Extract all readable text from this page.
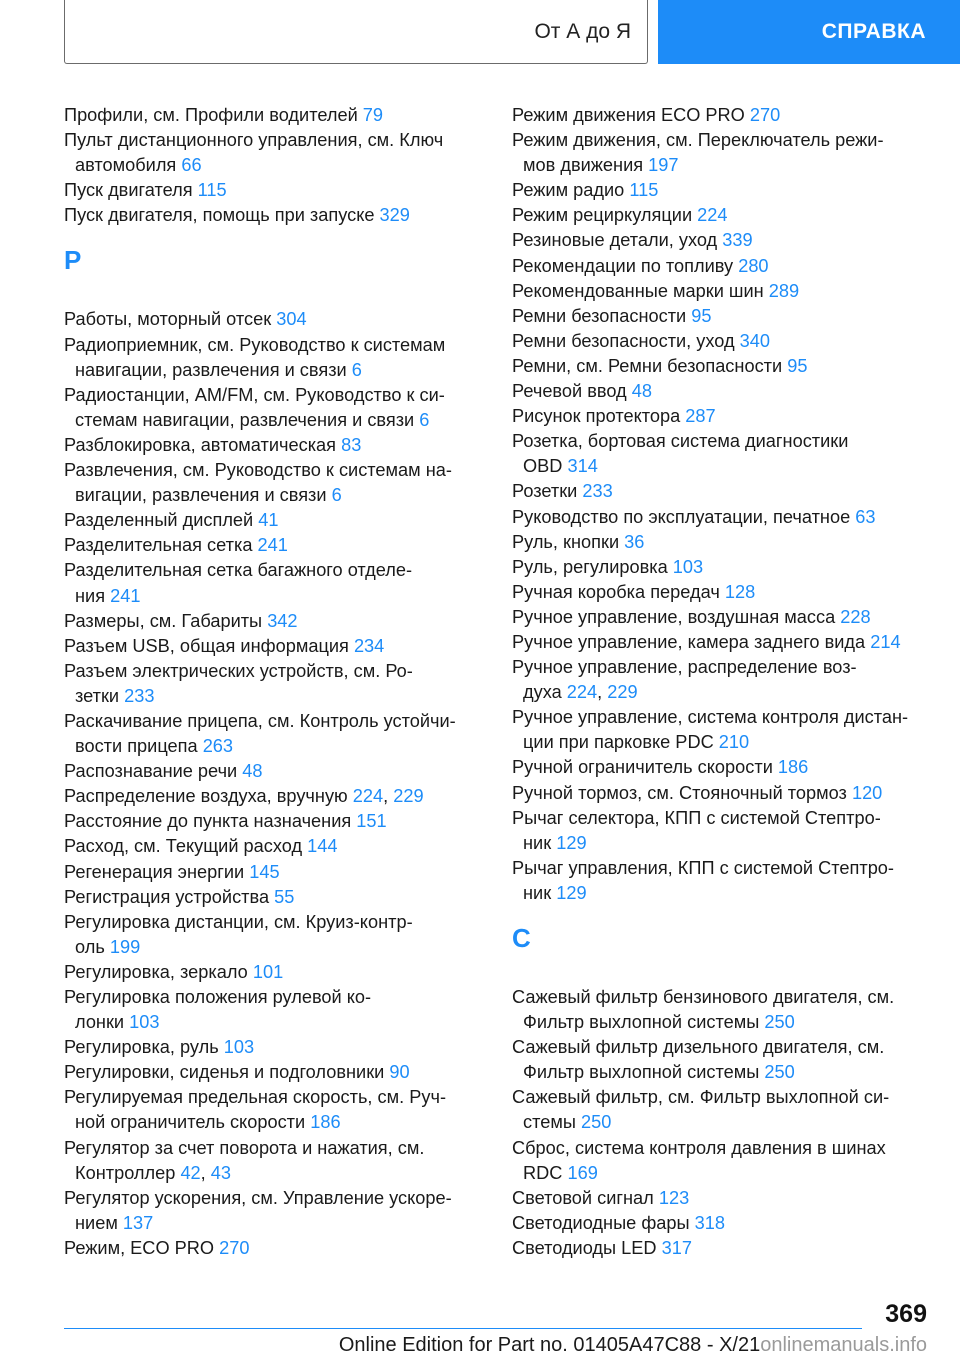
От А до Я	СПРАВКА
Профили, см. Профили водителей 79
Пульт дистанционного управления, см. Ключ
автомобиля 66
Пуск двигателя 115
Пуск двигателя, помощь при запуске 329
Р
Работы, моторный отсек 304
Радиоприемник, см. Руководство к системам
навигации, развлечения и связи 6
Радиостанции, AM/FM, см. Руководство к си-
стемам навигации, развлечения и связи 6
Разблокировка, автоматическая 83
Развлечения, см. Руководство к системам на-
вигации, развлечения и связи 6
Разделенный дисплей 41
Разделительная сетка 241
Разделительная сетка багажного отделе-
ния 241
Размеры, см. Габариты 342
Разъем USB, общая информация 234
Разъем электрических устройств, см. Ро-
зетки 233
Раскачивание прицепа, см. Контроль устойчи-
вости прицепа 263
Распознавание речи 48
Распределение воздуха, вручную 224, 229
Расстояние до пункта назначения 151
Расход, см. Текущий расход 144
Регенерация энергии 145
Регистрация устройства 55
Регулировка дистанции, см. Круиз-контр-
оль 199
Регулировка, зеркало 101
Регулировка положения рулевой ко-
лонки 103
Регулировка, руль 103
Регулировки, сиденья и подголовники 90
Регулируемая предельная скорость, см. Руч-
ной ограничитель скорости 186
Регулятор за счет поворота и нажатия, см.
Контроллер 42, 43
Регулятор ускорения, см. Управление ускоре-
нием 137
Режим, ECO PRO 270
Режим движения ECO PRO 270
Режим движения, см. Переключатель режи-
мов движения 197
Режим радио 115
Режим рециркуляции 224
Резиновые детали, уход 339
Рекомендации по топливу 280
Рекомендованные марки шин 289
Ремни безопасности 95
Ремни безопасности, уход 340
Ремни, см. Ремни безопасности 95
Речевой ввод 48
Рисунок протектора 287
Розетка, бортовая система диагностики
OBD 314
Розетки 233
Руководство по эксплуатации, печатное 63
Руль, кнопки 36
Руль, регулировка 103
Ручная коробка передач 128
Ручное управление, воздушная масса 228
Ручное управление, камера заднего вида 214
Ручное управление, распределение воз-
духа 224, 229
Ручное управление, система контроля дистан-
ции при парковке PDC 210
Ручной ограничитель скорости 186
Ручной тормоз, см. Стояночный тормоз 120
Рычаг селектора, КПП с системой Стептро-
ник 129
Рычаг управления, КПП с системой Стептро-
ник 129
С
Сажевый фильтр бензинового двигателя, см.
Фильтр выхлопной системы 250
Сажевый фильтр дизельного двигателя, см.
Фильтр выхлопной системы 250
Сажевый фильтр, см. Фильтр выхлопной си-
стемы 250
Сброс, система контроля давления в шинах
RDC 169
Световой сигнал 123
Светодиодные фары 318
Светодиоды LED 317
369
Online Edition for Part no. 01405A47C88 - X/21onlinemanuals.info
